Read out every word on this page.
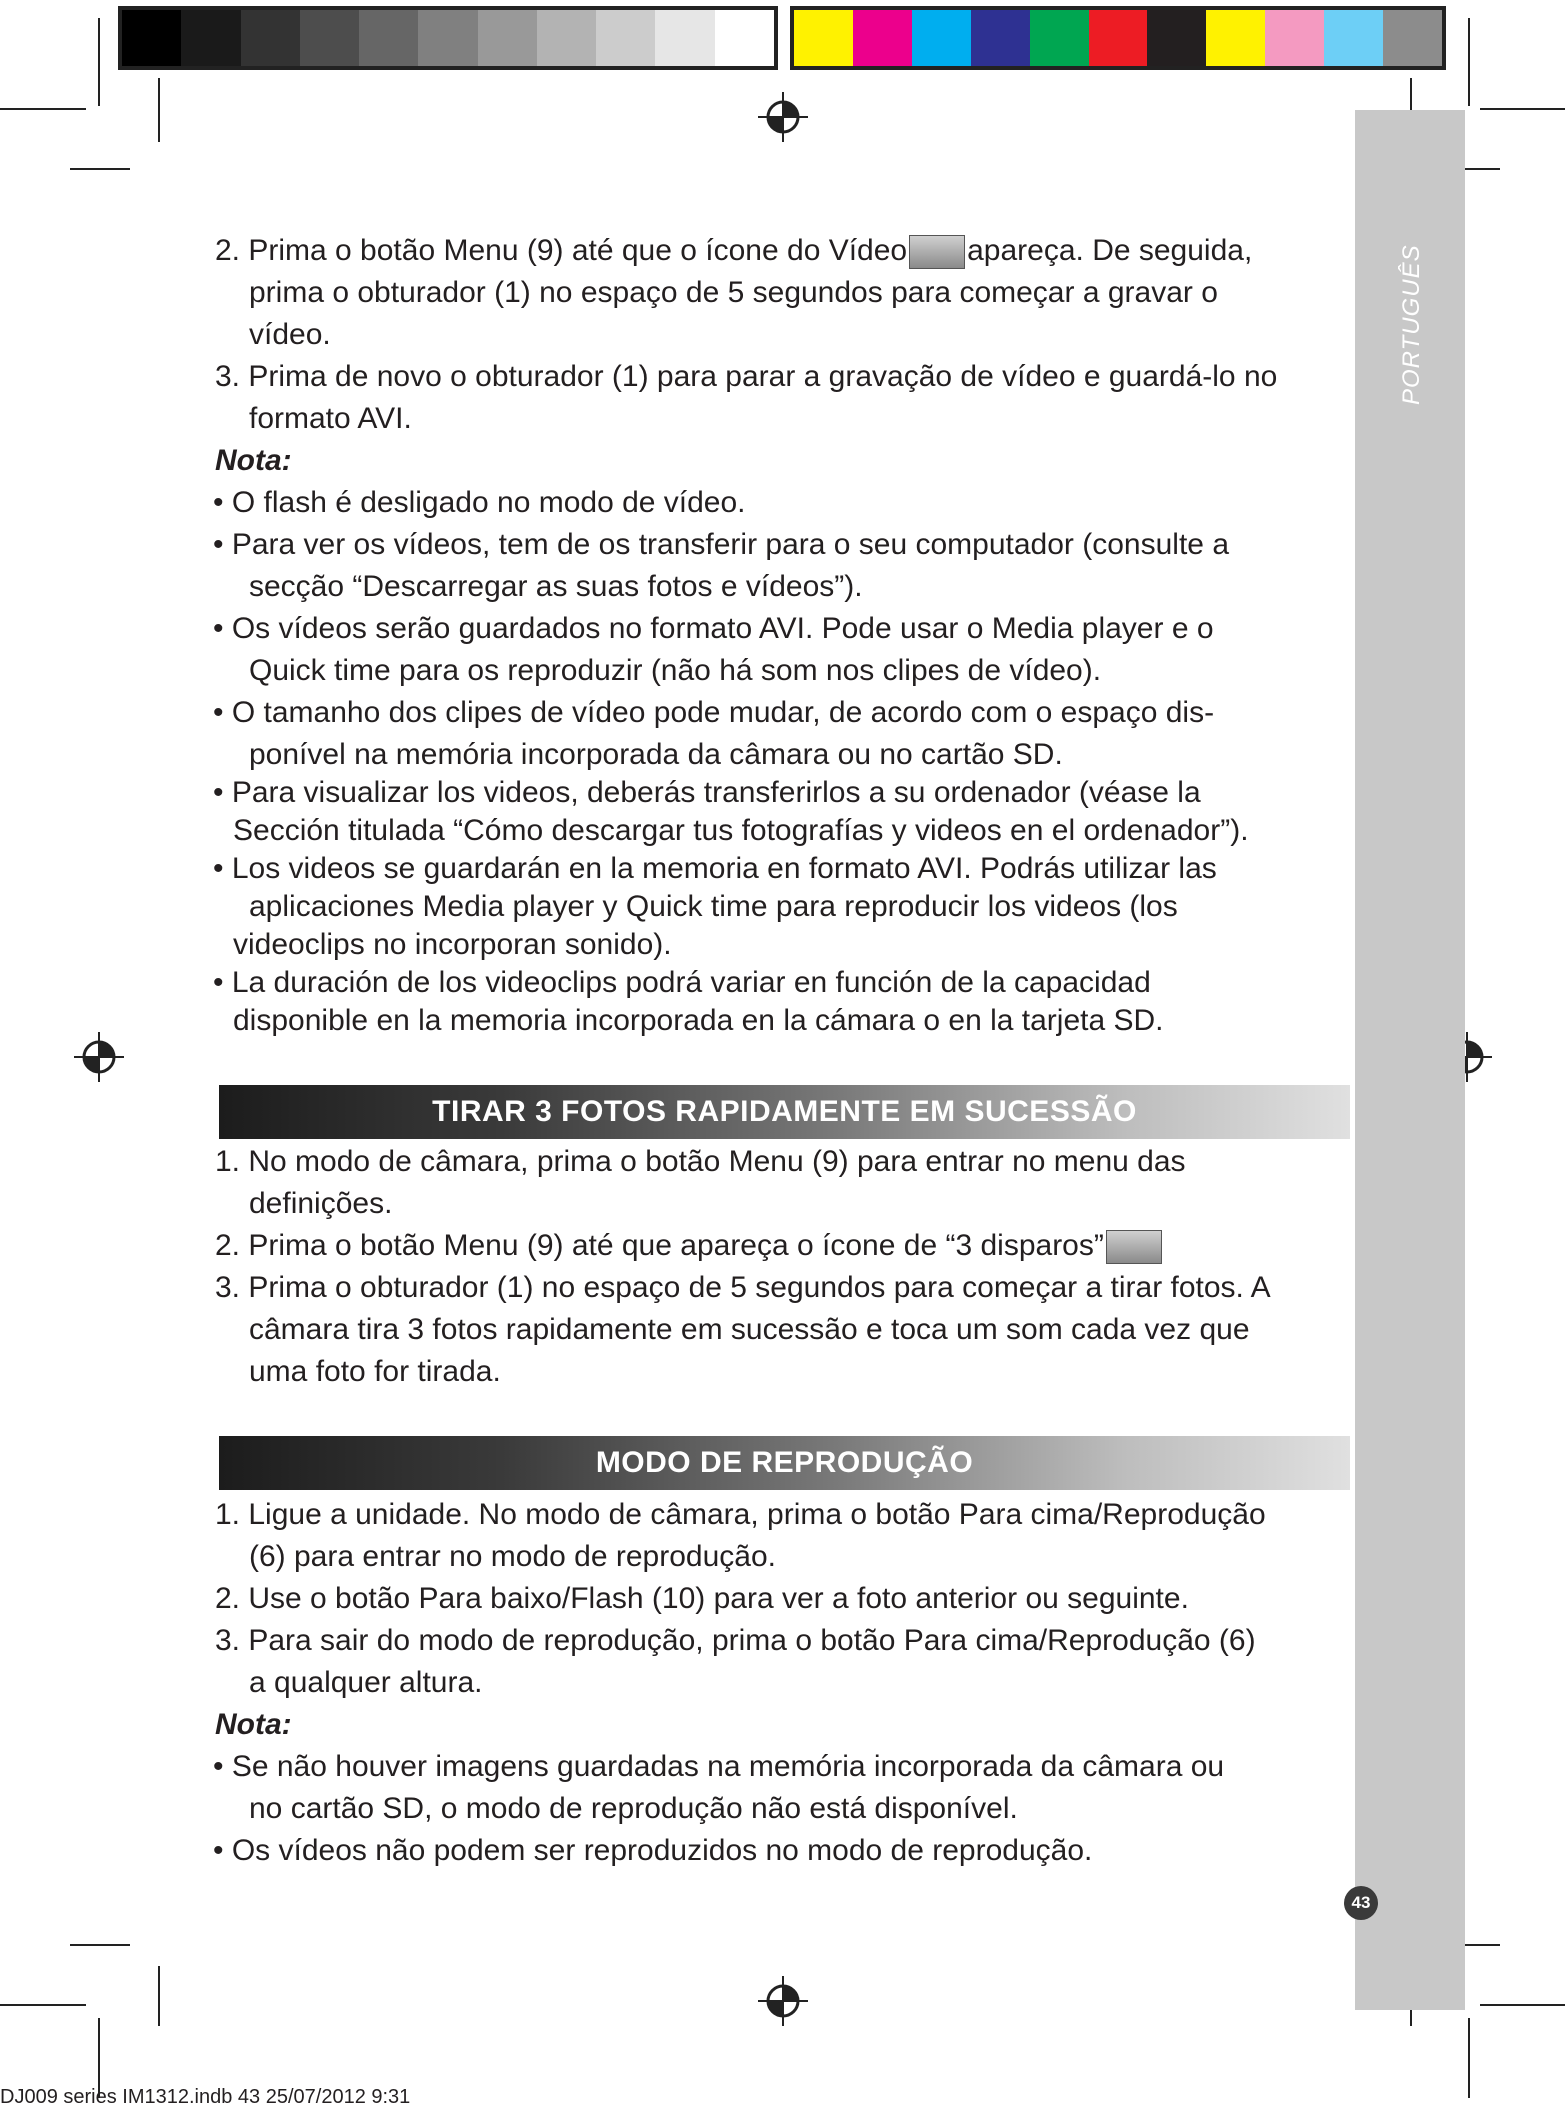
PORTUGUÊS
2. Prima o botão Menu (9) até que o ícone do Vídeo apareça. De seguida,
prima o obturador (1) no espaço de 5 segundos para começar a gravar o
vídeo.
3. Prima de novo o obturador (1) para parar a gravação de vídeo e guardá-lo no
formato AVI.
Nota:
• O flash é desligado no modo de vídeo.
• Para ver os vídeos, tem de os transferir para o seu computador (consulte a
secção “Descarregar as suas fotos e vídeos”).
• Os vídeos serão guardados no formato AVI. Pode usar o Media player e o
Quick time para os reproduzir (não há som nos clipes de vídeo).
• O tamanho dos clipes de vídeo pode mudar, de acordo com o espaço dis-
ponível na memória incorporada da câmara ou no cartão SD.
• Para visualizar los videos, deberás transferirlos a su ordenador (véase la
Sección titulada “Cómo descargar tus fotografías y videos en el ordenador”).
• Los videos se guardarán en la memoria en formato AVI. Podrás utilizar las
aplicaciones Media player y Quick time para reproducir los videos (los
videoclips no incorporan sonido).
• La duración de los videoclips podrá variar en función de la capacidad
disponible en la memoria incorporada en la cámara o en la tarjeta SD.
TIRAR 3 FOTOS RAPIDAMENTE EM SUCESSÃO
1. No modo de câmara, prima o botão Menu (9) para entrar no menu das
definições.
2. Prima o botão Menu (9) até que apareça o ícone de “3 disparos”
3. Prima o obturador (1) no espaço de 5 segundos para começar a tirar fotos. A
câmara tira 3 fotos rapidamente em sucessão e toca um som cada vez que
uma foto for tirada.
MODO DE REPRODUÇÃO
1. Ligue a unidade. No modo de câmara, prima o botão Para cima/Reprodução
(6) para entrar no modo de reprodução.
2. Use o botão Para baixo/Flash (10) para ver a foto anterior ou seguinte.
3. Para sair do modo de reprodução, prima o botão Para cima/Reprodução (6)
a qualquer altura.
Nota:
• Se não houver imagens guardadas na memória incorporada da câmara ou
no cartão SD, o modo de reprodução não está disponível.
• Os vídeos não podem ser reproduzidos no modo de reprodução.
43
DJ009 series IM1312.indb 43 25/07/2012 9:31
